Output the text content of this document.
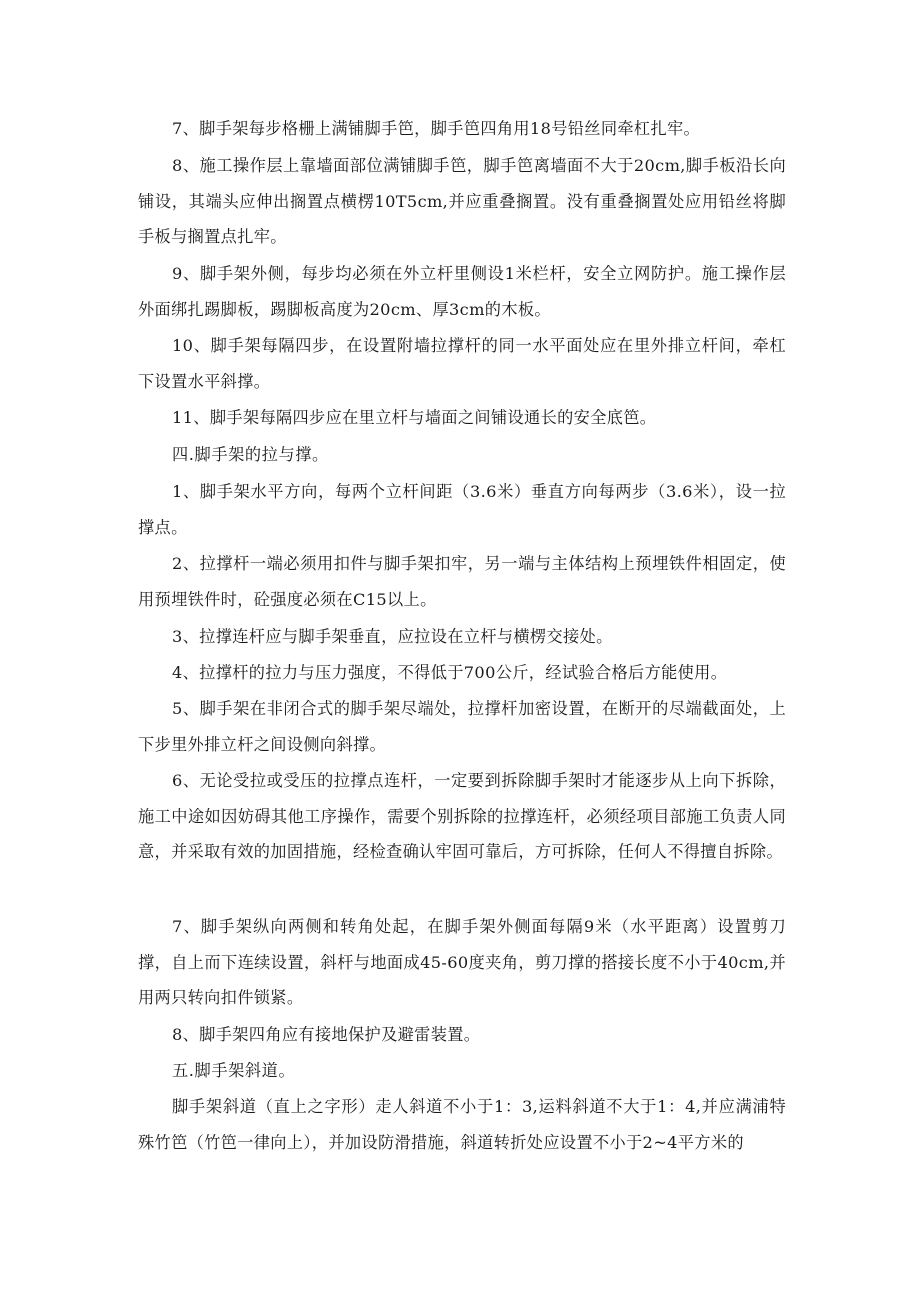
7、脚手架每步格栅上满铺脚手笆，脚手笆四角用18号铅丝同牵杠扎牢。

8、施工操作层上靠墙面部位满铺脚手笆，脚手笆离墙面不大于20cm,脚手板沿长向铺设，其端头应伸出搁置点横楞10T5cm,并应重叠搁置。没有重叠搁置处应用铅丝将脚手板与搁置点扎牢。

9、脚手架外侧，每步均必须在外立杆里侧设1米栏杆，安全立网防护。施工操作层外面绑扎踢脚板，踢脚板高度为20cm、厚3cm的木板。

10、脚手架每隔四步，在设置附墙拉撑杆的同一水平面处应在里外排立杆间，牵杠下设置水平斜撑。

11、脚手架每隔四步应在里立杆与墙面之间铺设通长的安全底笆。

四.脚手架的拉与撑。

1、脚手架水平方向，每两个立杆间距（3.6米）垂直方向每两步（3.6米），设一拉撑点。

2、拉撑杆一端必须用扣件与脚手架扣牢，另一端与主体结构上预埋铁件相固定，使用预埋铁件时，砼强度必须在C15以上。

3、拉撑连杆应与脚手架垂直，应拉设在立杆与横楞交接处。

4、拉撑杆的拉力与压力强度，不得低于700公斤，经试验合格后方能使用。

5、脚手架在非闭合式的脚手架尽端处，拉撑杆加密设置，在断开的尽端截面处，上下步里外排立杆之间设侧向斜撑。

6、无论受拉或受压的拉撑点连杆，一定要到拆除脚手架时才能逐步从上向下拆除，施工中途如因妨碍其他工序操作，需要个别拆除的拉撑连杆，必须经项目部施工负责人同意，并采取有效的加固措施，经检查确认牢固可靠后，方可拆除，任何人不得擅自拆除。

7、脚手架纵向两侧和转角处起，在脚手架外侧面每隔9米（水平距离）设置剪刀撑，自上而下连续设置，斜杆与地面成45-60度夹角，剪刀撑的搭接长度不小于40cm,并用两只转向扣件锁紧。

8、脚手架四角应有接地保护及避雷装置。

五.脚手架斜道。

脚手架斜道（直上之字形）走人斜道不小于1：3,运料斜道不大于1：4,并应满浦特殊竹笆（竹笆一律向上），并加设防滑措施，斜道转折处应设置不小于2~4平方米的
